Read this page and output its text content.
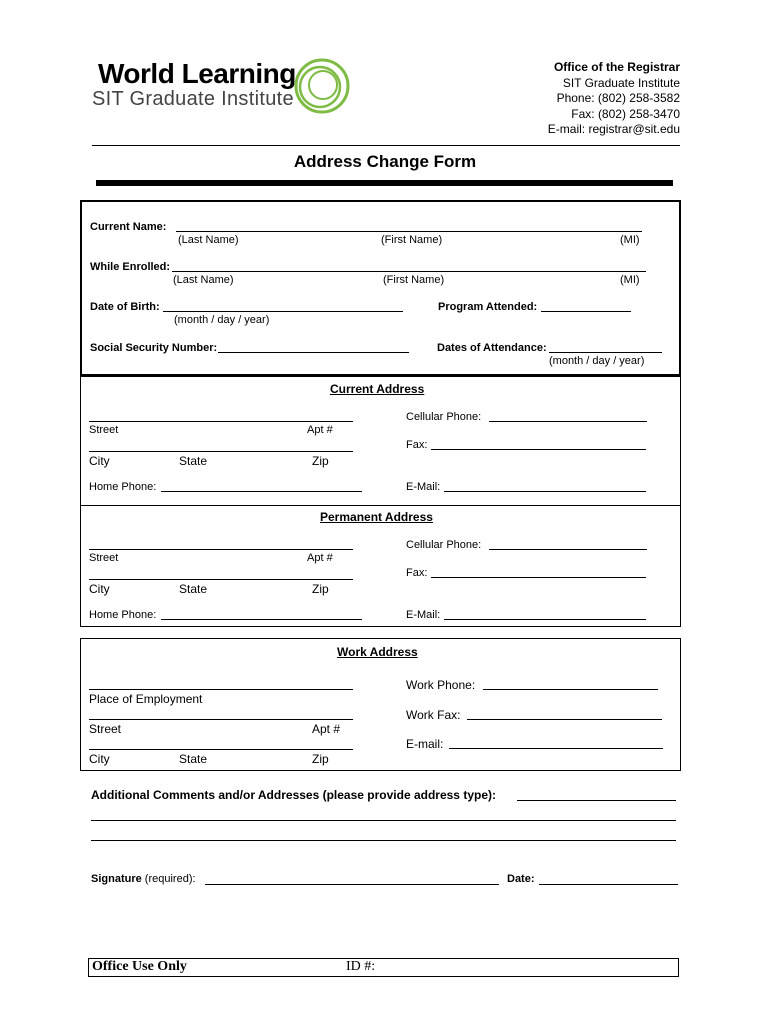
World Learning
SIT Graduate Institute
Office of the Registrar
SIT Graduate Institute
Phone: (802) 258-3582
Fax: (802) 258-3470
E-mail: registrar@sit.edu
Address Change Form
Current Name:
(Last Name)	(First Name)	(MI)
While Enrolled:
(Last Name)	(First Name)	(MI)
Date of Birth:
(month / day / year)
Program Attended:
Social Security Number:	Dates of Attendance:
(month / day / year)
Current Address
Street	Apt #
City	State	Zip
Home Phone:
Cellular Phone:
Fax:
E-Mail:
Permanent Address
Street	Apt #
City	State	Zip
Home Phone:
Cellular Phone:
Fax:
E-Mail:
Work Address
Place of Employment
Street	Apt #
City	State	Zip
Work Phone:
Work Fax:
E-mail:
Additional Comments and/or Addresses (please provide address type):
Signature (required):	Date:
Office Use Only	ID #:
